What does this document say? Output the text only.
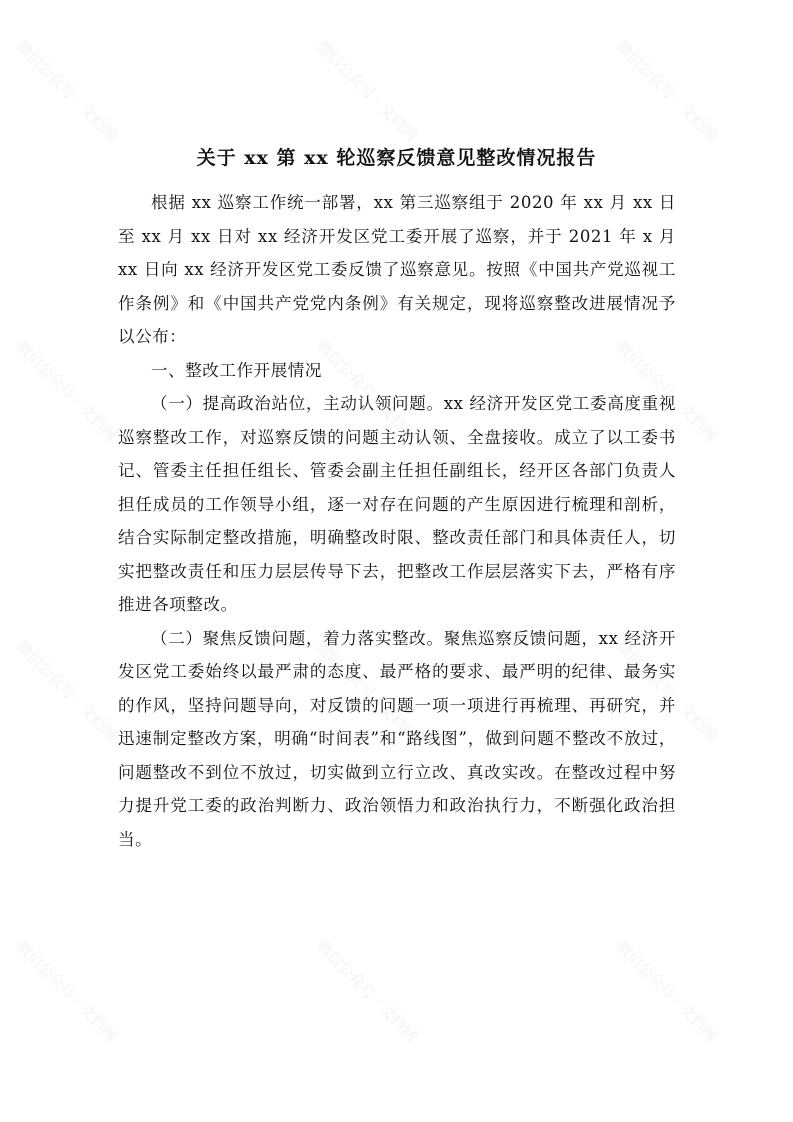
微信公众号 · 文档网	微信公众号 · 文档网	微信公众号 · 文档网
微信公众号 · 文档网	微信公众号 · 文档网	微信公众号 · 文档网
微信公众号 · 文档网	微信公众号 · 文档网	微信公众号 · 文档网
微信公众号 · 文档网	微信公众号 · 文档网	微信公众号 · 文档网
关于 xx 第 xx 轮巡察反馈意见整改情况报告

根据 xx 巡察工作统一部署，xx 第三巡察组于 2020 年 xx 月 xx 日至 xx 月 xx 日对 xx 经济开发区党工委开展了巡察，并于 2021 年 x 月 xx 日向 xx 经济开发区党工委反馈了巡察意见。按照《中国共产党巡视工作条例》和《中国共产党党内条例》有关规定，现将巡察整改进展情况予以公布：

一、整改工作开展情况

（一）提高政治站位，主动认领问题。xx 经济开发区党工委高度重视巡察整改工作，对巡察反馈的问题主动认领、全盘接收。成立了以工委书记、管委主任担任组长、管委会副主任担任副组长，经开区各部门负责人担任成员的工作领导小组，逐一对存在问题的产生原因进行梳理和剖析，结合实际制定整改措施，明确整改时限、整改责任部门和具体责任人，切实把整改责任和压力层层传导下去，把整改工作层层落实下去，严格有序推进各项整改。

（二）聚焦反馈问题，着力落实整改。聚焦巡察反馈问题，xx 经济开发区党工委始终以最严肃的态度、最严格的要求、最严明的纪律、最务实的作风，坚持问题导向，对反馈的问题一项一项进行再梳理、再研究，并迅速制定整改方案，明确“时间表”和“路线图”，做到问题不整改不放过，问题整改不到位不放过，切实做到立行立改、真改实改。在整改过程中努力提升党工委的政治判断力、政治领悟力和政治执行力，不断强化政治担当。
